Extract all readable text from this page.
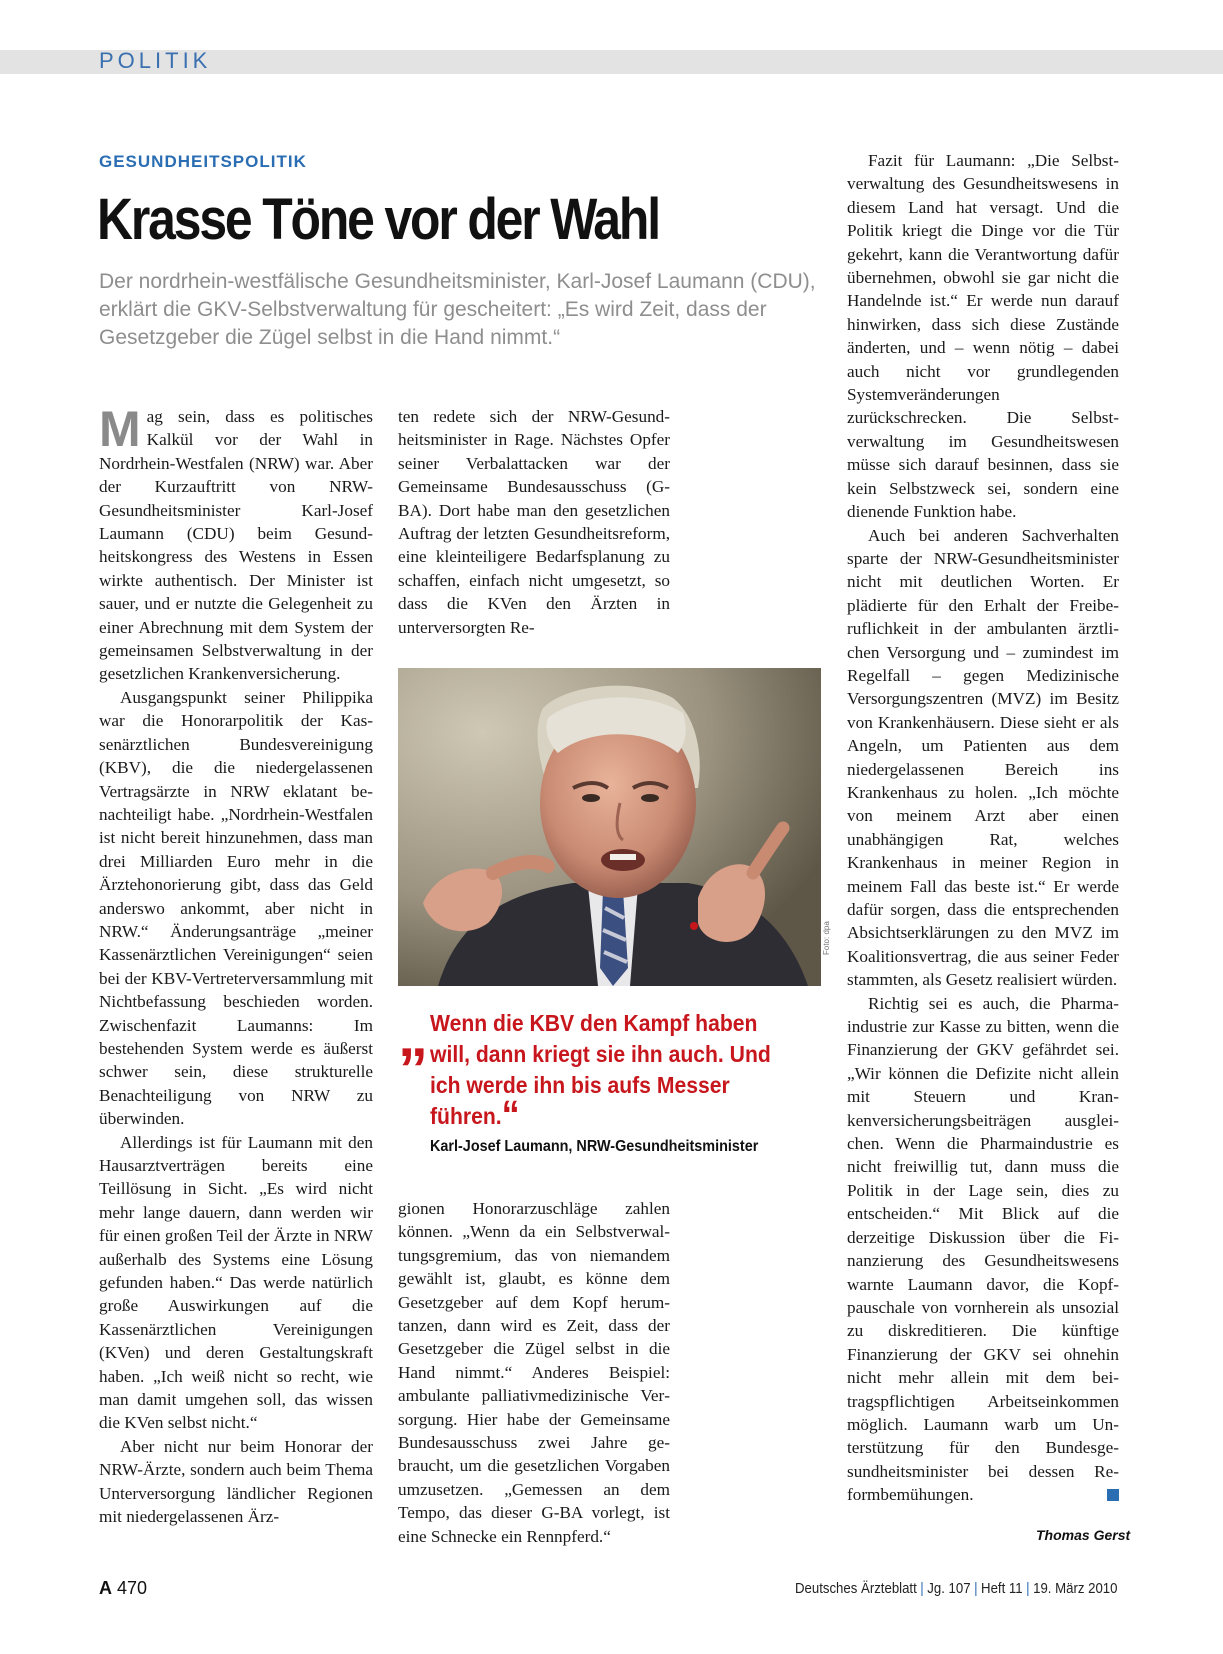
POLITIK
GESUNDHEITSPOLITIK
Krasse Töne vor der Wahl
Der nordrhein-westfälische Gesundheitsminister, Karl-Josef Laumann (CDU), erklärt die GKV-Selbstverwaltung für gescheitert: „Es wird Zeit, dass der Gesetzgeber die Zügel selbst in die Hand nimmt.“

Mag sein, dass es politisches Kalkül vor der Wahl in Nordrhein-Westfalen (NRW) war. Aber der Kurzauftritt von NRW-Gesundheitsminister Karl-Josef Laumann (CDU) beim Gesundheitskongress des Westens in Essen wirkte authentisch. Der Minister ist sauer, und er nutzte die Gelegenheit zu einer Abrechnung mit dem System der gemeinsamen Selbstverwaltung in der gesetzlichen Krankenversicherung.

Ausgangspunkt seiner Philippika war die Honorarpolitik der Kassenärztlichen Bundesvereinigung (KBV), die die niedergelassenen Vertragsärzte in NRW eklatant benachteiligt habe. „Nordrhein-Westfalen ist nicht bereit hinzunehmen, dass man drei Milliarden Euro mehr in die Ärztehonorierung gibt, dass das Geld anderswo ankommt, aber nicht in NRW.“ Änderungsanträge „meiner Kassenärztlichen Vereinigungen“ seien bei der KBV-Vertreterversammlung mit Nichtbefassung beschieden worden. Zwischenfazit Laumanns: Im bestehenden System werde es äußerst schwer sein, diese strukturelle Benachteiligung von NRW zu überwinden.

Allerdings ist für Laumann mit den Hausarztverträgen bereits eine Teillösung in Sicht. „Es wird nicht mehr lange dauern, dann werden wir für einen großen Teil der Ärzte in NRW außerhalb des Systems eine Lösung gefunden haben.“ Das werde natürlich große Auswirkungen auf die Kassenärztlichen Vereinigungen (KVen) und deren Gestaltungskraft haben. „Ich weiß nicht so recht, wie man damit umgehen soll, das wissen die KVen selbst nicht.“

Aber nicht nur beim Honorar der NRW-Ärzte, sondern auch beim Thema Unterversorgung ländlicher Regionen mit niedergelassenen Ärz-

ten redete sich der NRW-Gesundheitsminister in Rage. Nächstes Opfer seiner Verbalattacken war der Gemeinsame Bundesausschuss (G-BA). Dort habe man den gesetzlichen Auftrag der letzten Gesundheitsreform, eine kleinteiligere Bedarfsplanung zu schaffen, einfach nicht umgesetzt, so dass die KVen den Ärzten in unterversorgten Re-

Foto: dpa
„ Wenn die KBV den Kampf haben will, dann kriegt sie ihn auch. Und ich werde ihn bis aufs Messer führen.“
Karl-Josef Laumann, NRW-Gesundheitsminister

gionen Honorarzuschläge zahlen können. „Wenn da ein Selbstverwaltungsgremium, das von niemandem gewählt ist, glaubt, es könne dem Gesetzgeber auf dem Kopf herumtanzen, dann wird es Zeit, dass der Gesetzgeber die Zügel selbst in die Hand nimmt.“ Anderes Beispiel: ambulante palliativmedizinische Versorgung. Hier habe der Gemeinsame Bundesausschuss zwei Jahre gebraucht, um die gesetzlichen Vorgaben umzusetzen. „Gemessen an dem Tempo, das dieser G-BA vorlegt, ist eine Schnecke ein Rennpferd.“

Fazit für Laumann: „Die Selbstverwaltung des Gesundheitswesens in diesem Land hat versagt. Und die Politik kriegt die Dinge vor die Tür gekehrt, kann die Verantwortung dafür übernehmen, obwohl sie gar nicht die Handelnde ist.“ Er werde nun darauf hinwirken, dass sich diese Zustände änderten, und – wenn nötig – dabei auch nicht vor grundlegenden Systemveränderungen zurückschrecken. Die Selbstverwaltung im Gesundheitswesen müsse sich darauf besinnen, dass sie kein Selbstzweck sei, sondern eine dienende Funktion habe.

Auch bei anderen Sachverhalten sparte der NRW-Gesundheitsminister nicht mit deutlichen Worten. Er plädierte für den Erhalt der Freiberuflichkeit in der ambulanten ärztlichen Versorgung und – zumindest im Regelfall – gegen Medizinische Versorgungszentren (MVZ) im Besitz von Krankenhäusern. Diese sieht er als Angeln, um Patienten aus dem niedergelassenen Bereich ins Krankenhaus zu holen. „Ich möchte von meinem Arzt aber einen unabhängigen Rat, welches Krankenhaus in meiner Region in meinem Fall das beste ist.“ Er werde dafür sorgen, dass die entsprechenden Absichtserklärungen zu den MVZ im Koalitionsvertrag, die aus seiner Feder stammten, als Gesetz realisiert würden.

Richtig sei es auch, die Pharmaindustrie zur Kasse zu bitten, wenn die Finanzierung der GKV gefährdet sei. „Wir können die Defizite nicht allein mit Steuern und Krankenversicherungsbeiträgen ausgleichen. Wenn die Pharmaindustrie es nicht freiwillig tut, dann muss die Politik in der Lage sein, dies zu entscheiden.“ Mit Blick auf die derzeitige Diskussion über die Finanzierung des Gesundheitswesens warnte Laumann davor, die Kopfpauschale von vornherein als unsozial zu diskreditieren. Die künftige Finanzierung der GKV sei ohnehin nicht mehr allein mit dem beitragspflichtigen Arbeitseinkommen möglich. Laumann warb um Unterstützung für den Bundesgesundheitsminister bei dessen Reformbemühungen.

Thomas Gerst
A 470	Deutsches Ärzteblatt | Jg. 107 | Heft 11 | 19. März 2010
